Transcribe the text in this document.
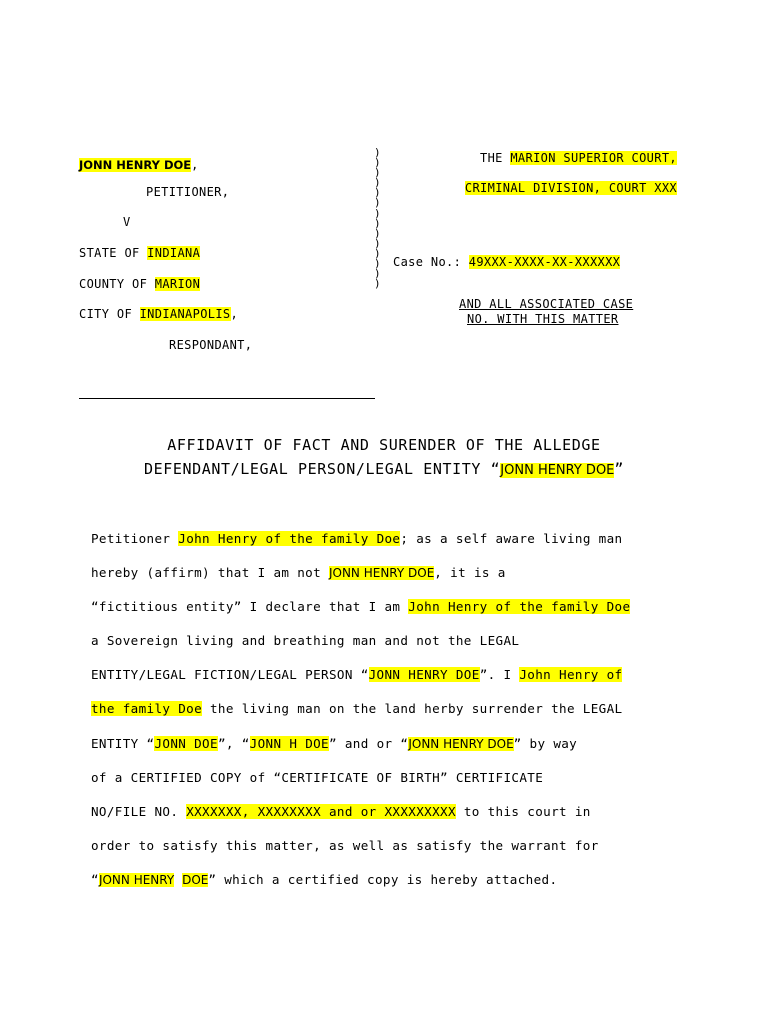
JONN HENRY DOE,
PETITIONER,
V
STATE OF INDIANA
COUNTY OF MARION
CITY OF INDIANAPOLIS,
RESPONDANT,
)
)
)
)
)
)
)
)
)
)
)
)
)
)
THE MARION SUPERIOR COURT,
CRIMINAL DIVISION, COURT XXX
Case No.: 49XXX-XXXX-XX-XXXXXX
AND ALL ASSOCIATED CASE
NO. WITH THIS MATTER
AFFIDAVIT OF FACT AND SURENDER OF THE ALLEDGE
DEFENDANT/LEGAL PERSON/LEGAL ENTITY “JONN HENRY DOE”
Petitioner John Henry of the family Doe; as a self aware living man
hereby (affirm) that I am not JONN HENRY DOE, it is a
“fictitious entity” I declare that I am John Henry of the family Doe
a Sovereign living and breathing man and not the LEGAL
ENTITY/LEGAL FICTION/LEGAL PERSON “JONN HENRY DOE”. I John Henry of
the family Doe the living man on the land herby surrender the LEGAL
ENTITY “JONN DOE”, “JONN H DOE” and or “JONN HENRY DOE” by way
of a CERTIFIED COPY of “CERTIFICATE OF BIRTH” CERTIFICATE
NO/FILE NO. XXXXXXX, XXXXXXXX and or XXXXXXXXX to this court in
order to satisfy this matter, as well as satisfy the warrant for
“JONN HENRY DOE” which a certified copy is hereby attached.
